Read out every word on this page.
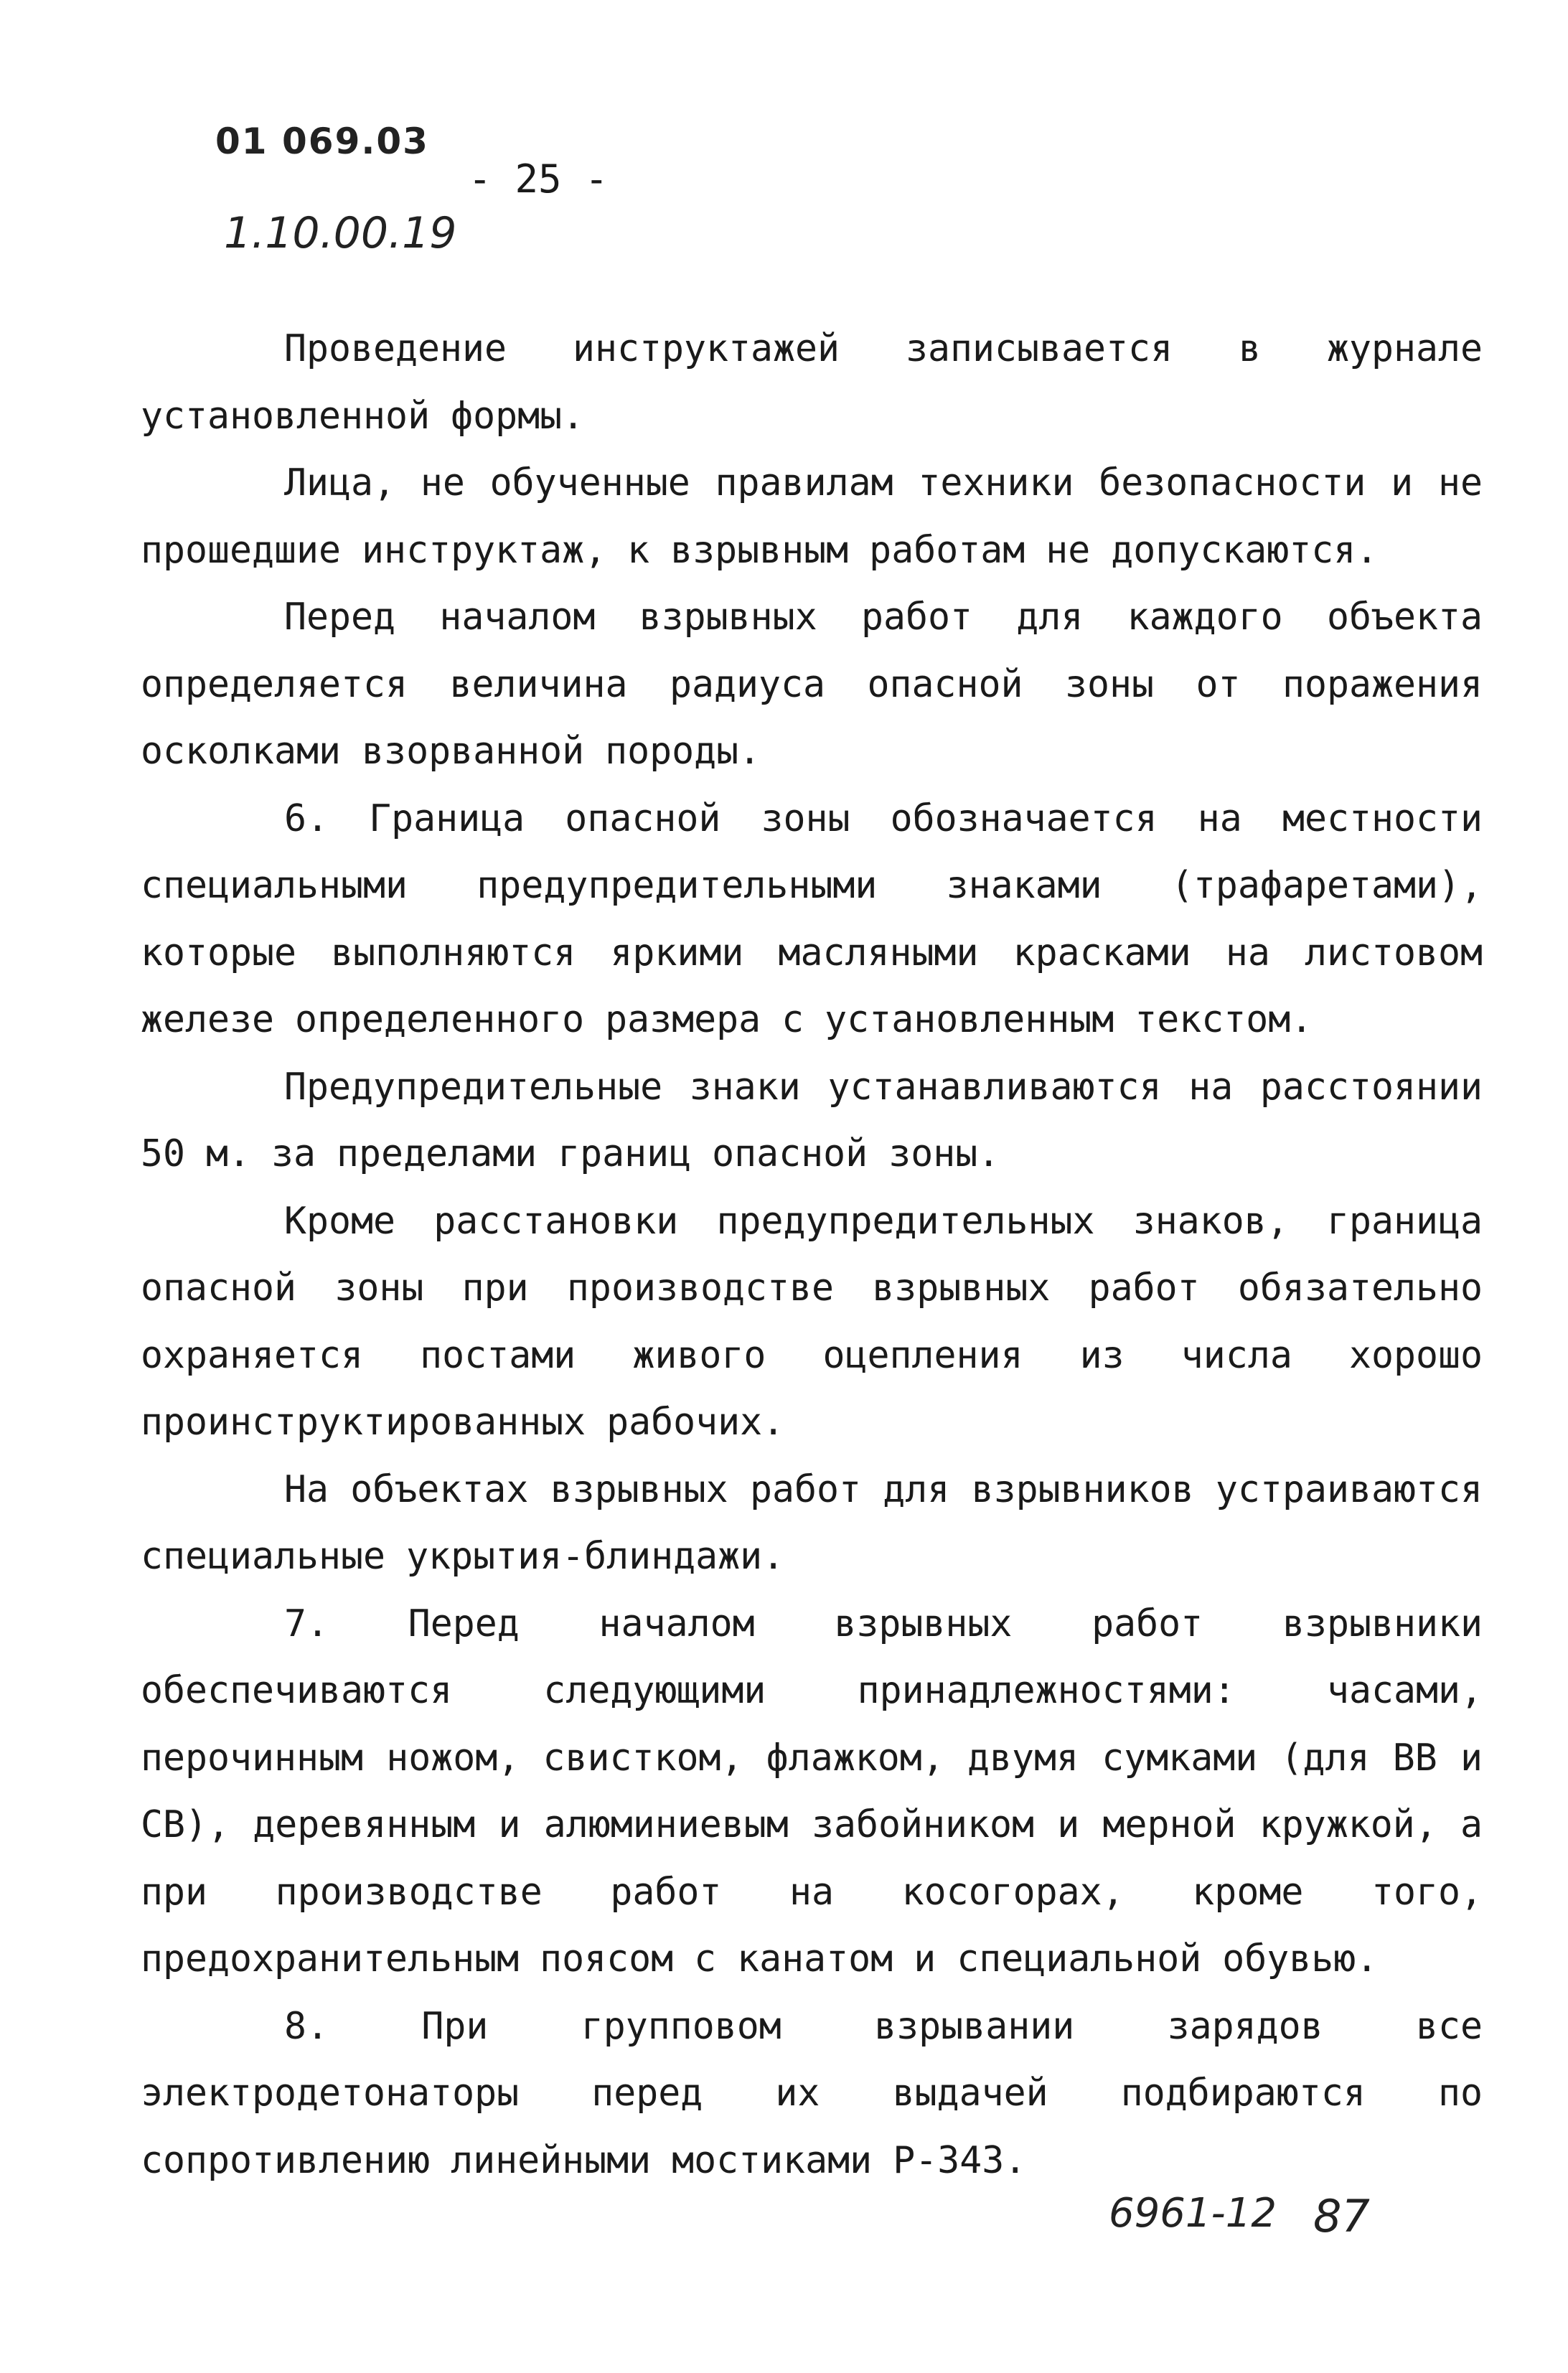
01 069.03
1.10.00.19
- 25 -

Проведение инструктажей записывается в журнале установленной формы.

Лица, не обученные правилам техники безопасности и не прошедшие инструктаж, к взрывным работам не допускаются.

Перед началом взрывных работ для каждого объекта определяется величина радиуса опасной зоны от поражения осколками взорванной породы.

6. Граница опасной зоны обозначается на местности специальными предупредительными знаками (трафаретами), которые выполняются яркими масляными красками на листовом железе определенного размера с установленным текстом.

Предупредительные знаки устанавливаются на расстоянии 50 м. за пределами границ опасной зоны.

Кроме расстановки предупредительных знаков, граница опасной зоны при производстве взрывных работ обязательно охраняется постами живого оцепления из числа хорошо проинструктированных рабочих.

На объектах взрывных работ для взрывников устраиваются специальные укрытия-блиндажи.

7. Перед началом взрывных работ взрывники обеспечиваются следующими принадлежностями: часами, перочинным ножом, свистком, флажком, двумя сумками (для ВВ и СВ), деревянным и алюминиевым забойником и мерной кружкой, а при производстве работ на косогорах, кроме того, предохранительным поясом с канатом и специальной обувью.

8. При групповом взрывании зарядов все электродетонаторы перед их выдачей подбираются по сопротивлению линейными мостиками Р-343.

6961-12 87
